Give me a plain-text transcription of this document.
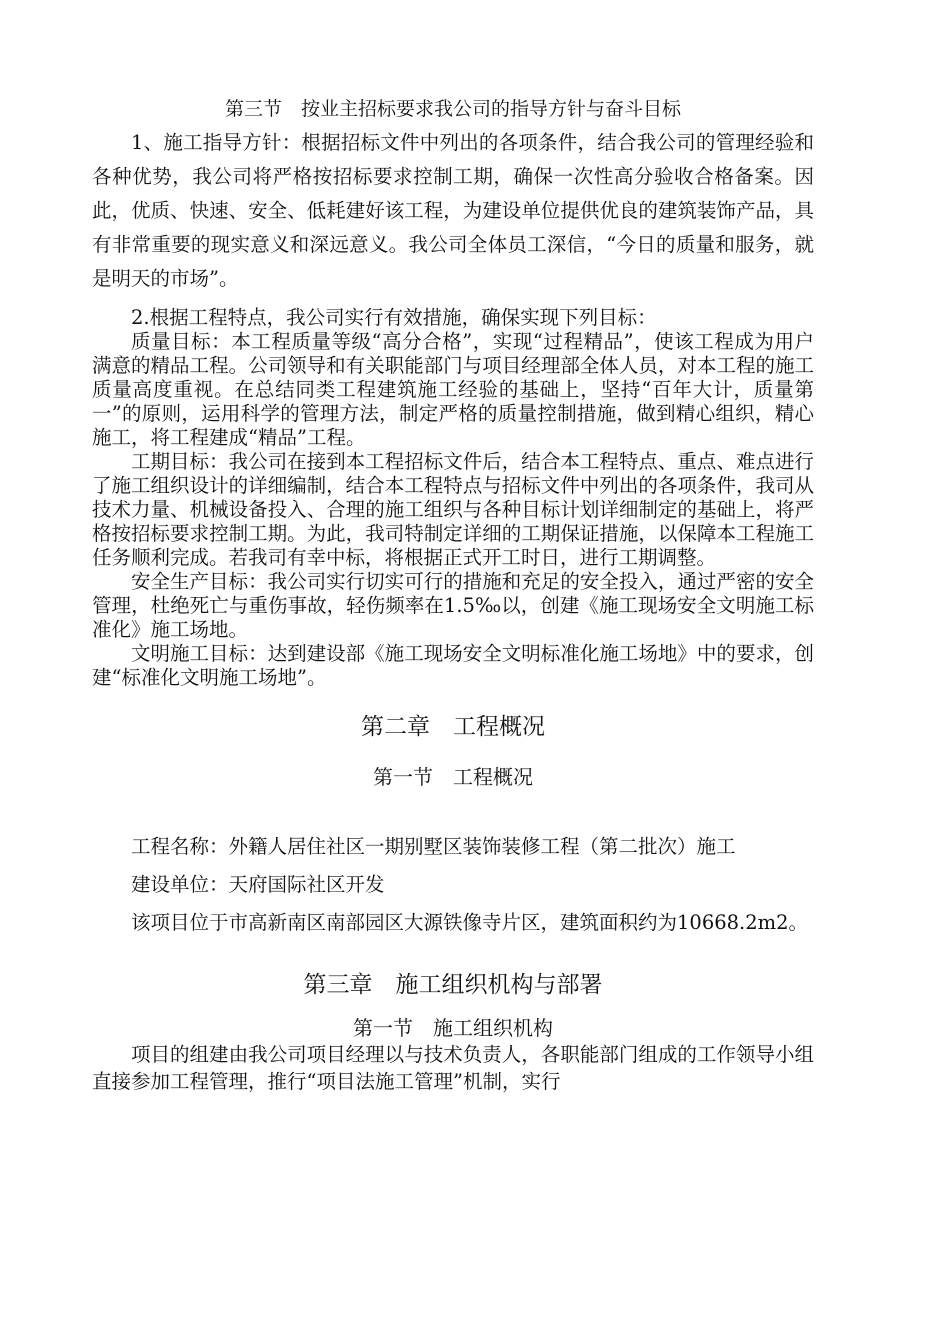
第三节　按业主招标要求我公司的指导方针与奋斗目标

1、施工指导方针：根据招标文件中列出的各项条件，结合我公司的管理经验和各种优势，我公司将严格按招标要求控制工期，确保一次性高分验收合格备案。因此，优质、快速、安全、低耗建好该工程，为建设单位提供优良的建筑装饰产品，具有非常重要的现实意义和深远意义。我公司全体员工深信，“今日的质量和服务，就是明天的市场”。

2.根据工程特点，我公司实行有效措施，确保实现下列目标：

质量目标：本工程质量等级“高分合格”，实现“过程精品”，使该工程成为用户满意的精品工程。公司领导和有关职能部门与项目经理部全体人员，对本工程的施工质量高度重视。在总结同类工程建筑施工经验的基础上，坚持“百年大计，质量第一”的原则，运用科学的管理方法，制定严格的质量控制措施，做到精心组织，精心施工，将工程建成“精品”工程。

工期目标：我公司在接到本工程招标文件后，结合本工程特点、重点、难点进行了施工组织设计的详细编制，结合本工程特点与招标文件中列出的各项条件，我司从技术力量、机械设备投入、合理的施工组织与各种目标计划详细制定的基础上，将严格按招标要求控制工期。为此，我司特制定详细的工期保证措施，以保障本工程施工任务顺利完成。若我司有幸中标，将根据正式开工时日，进行工期调整。

安全生产目标：我公司实行切实可行的措施和充足的安全投入，通过严密的安全管理，杜绝死亡与重伤事故，轻伤频率在1.5‰以，创建《施工现场安全文明施工标准化》施工场地。

文明施工目标：达到建设部《施工现场安全文明标准化施工场地》中的要求，创建“标准化文明施工场地”。

第二章　工程概况

第一节　工程概况

工程名称：外籍人居住社区一期别墅区装饰装修工程（第二批次）施工

建设单位：天府国际社区开发

该项目位于市高新南区南部园区大源铁像寺片区，建筑面积约为10668.2m2。

第三章　施工组织机构与部署

第一节　施工组织机构

项目的组建由我公司项目经理以与技术负责人，各职能部门组成的工作领导小组直接参加工程管理，推行“项目法施工管理”机制，实行
